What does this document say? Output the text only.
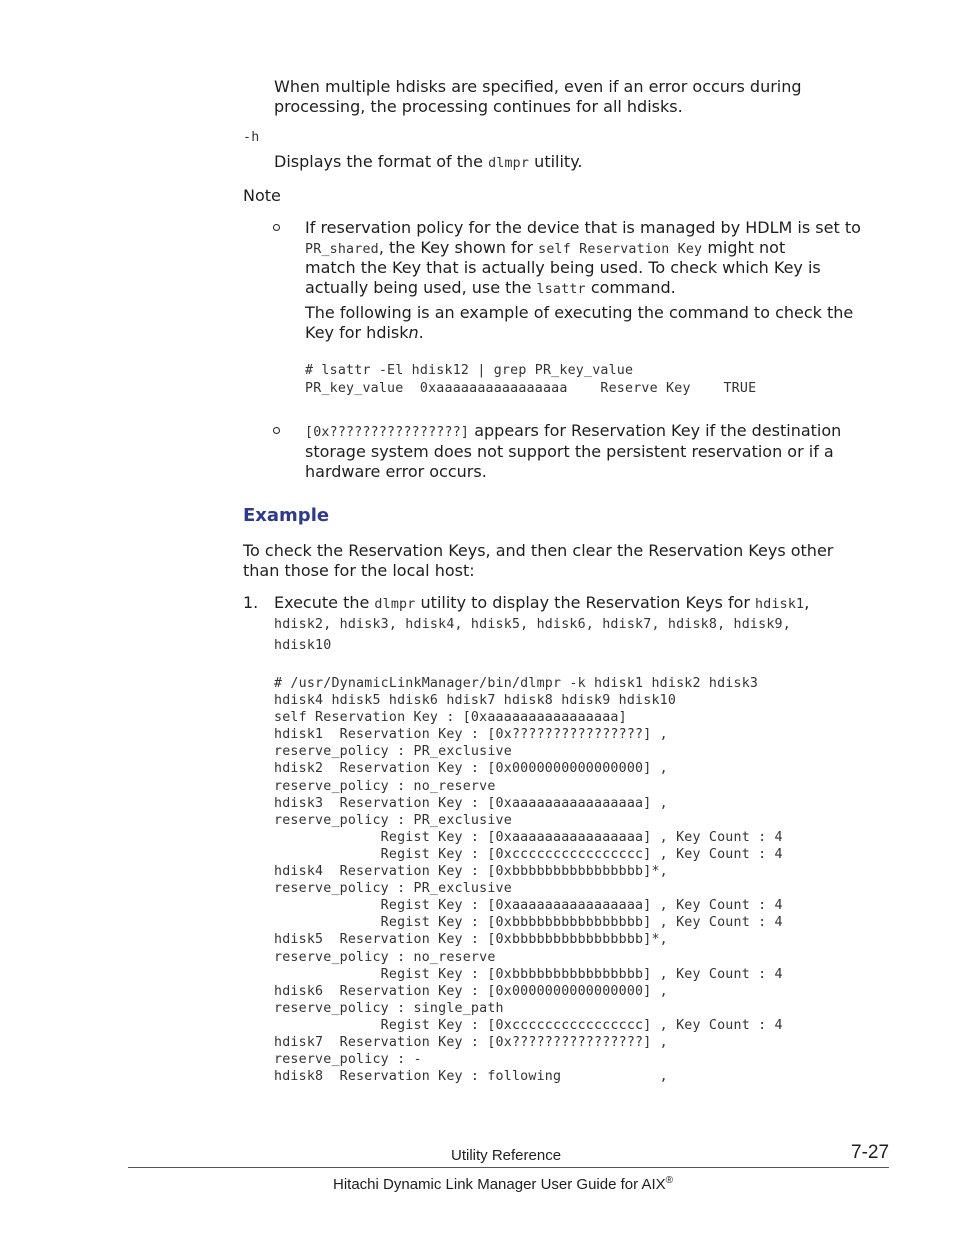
When multiple hdisks are specified, even if an error occurs during
processing, the processing continues for all hdisks.
-h
Displays the format of the dlmpr utility.
Note
If reservation policy for the device that is managed by HDLM is set to
PR_shared, the Key shown for self Reservation Key might not
match the Key that is actually being used. To check which Key is
actually being used, use the lsattr command.
The following is an example of executing the command to check the
Key for hdiskn.
# lsattr -El hdisk12 | grep PR_key_value
PR_key_value  0xaaaaaaaaaaaaaaaa    Reserve Key    TRUE
[0x????????????????] appears for Reservation Key if the destination
storage system does not support the persistent reservation or if a
hardware error occurs.
Example
To check the Reservation Keys, and then clear the Reservation Keys other
than those for the local host:
1. Execute the dlmpr utility to display the Reservation Keys for hdisk1,
hdisk2, hdisk3, hdisk4, hdisk5, hdisk6, hdisk7, hdisk8, hdisk9,
hdisk10
# /usr/DynamicLinkManager/bin/dlmpr -k hdisk1 hdisk2 hdisk3
hdisk4 hdisk5 hdisk6 hdisk7 hdisk8 hdisk9 hdisk10
self Reservation Key : [0xaaaaaaaaaaaaaaaa]
hdisk1  Reservation Key : [0x????????????????] ,
reserve_policy : PR_exclusive
hdisk2  Reservation Key : [0x0000000000000000] ,
reserve_policy : no_reserve
hdisk3  Reservation Key : [0xaaaaaaaaaaaaaaaa] ,
reserve_policy : PR_exclusive
Regist Key : [0xaaaaaaaaaaaaaaaa] , Key Count : 4
Regist Key : [0xcccccccccccccccc] , Key Count : 4
hdisk4  Reservation Key : [0xbbbbbbbbbbbbbbbb]*,
reserve_policy : PR_exclusive
Regist Key : [0xaaaaaaaaaaaaaaaa] , Key Count : 4
Regist Key : [0xbbbbbbbbbbbbbbbb] , Key Count : 4
hdisk5  Reservation Key : [0xbbbbbbbbbbbbbbbb]*,
reserve_policy : no_reserve
Regist Key : [0xbbbbbbbbbbbbbbbb] , Key Count : 4
hdisk6  Reservation Key : [0x0000000000000000] ,
reserve_policy : single_path
Regist Key : [0xcccccccccccccccc] , Key Count : 4
hdisk7  Reservation Key : [0x????????????????] ,
reserve_policy : -
hdisk8  Reservation Key : following            ,
Utility Reference	7-27
Hitachi Dynamic Link Manager User Guide for AIX®
